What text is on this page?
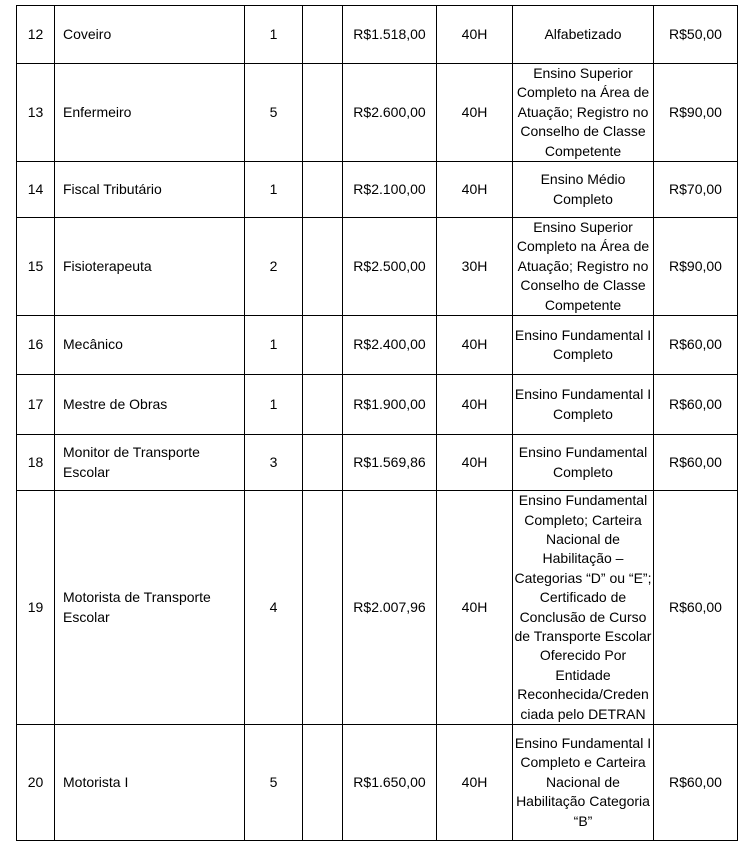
12	Coveiro	1		R$1.518,00	40H	Alfabetizado	R$50,00
13	Enfermeiro	5		R$2.600,00	40H	Ensino Superior Completo na Área de Atuação; Registro no Conselho de Classe Competente	R$90,00
14	Fiscal Tributário	1		R$2.100,00	40H	Ensino Médio Completo	R$70,00
15	Fisioterapeuta	2		R$2.500,00	30H	Ensino Superior Completo na Área de Atuação; Registro no Conselho de Classe Competente	R$90,00
16	Mecânico	1		R$2.400,00	40H	Ensino Fundamental I Completo	R$60,00
17	Mestre de Obras	1		R$1.900,00	40H	Ensino Fundamental I Completo	R$60,00
18	Monitor de Transporte Escolar	3		R$1.569,86	40H	Ensino Fundamental Completo	R$60,00
19	Motorista de Transporte Escolar	4		R$2.007,96	40H	Ensino Fundamental Completo; Carteira Nacional de Habilitação – Categorias “D” ou “E”; Certificado de Conclusão de Curso de Transporte Escolar Oferecido Por Entidade Reconhecida/Credenciada pelo DETRAN	R$60,00
20	Motorista I	5		R$1.650,00	40H	Ensino Fundamental I Completo e Carteira Nacional de Habilitação Categoria “B”	R$60,00
